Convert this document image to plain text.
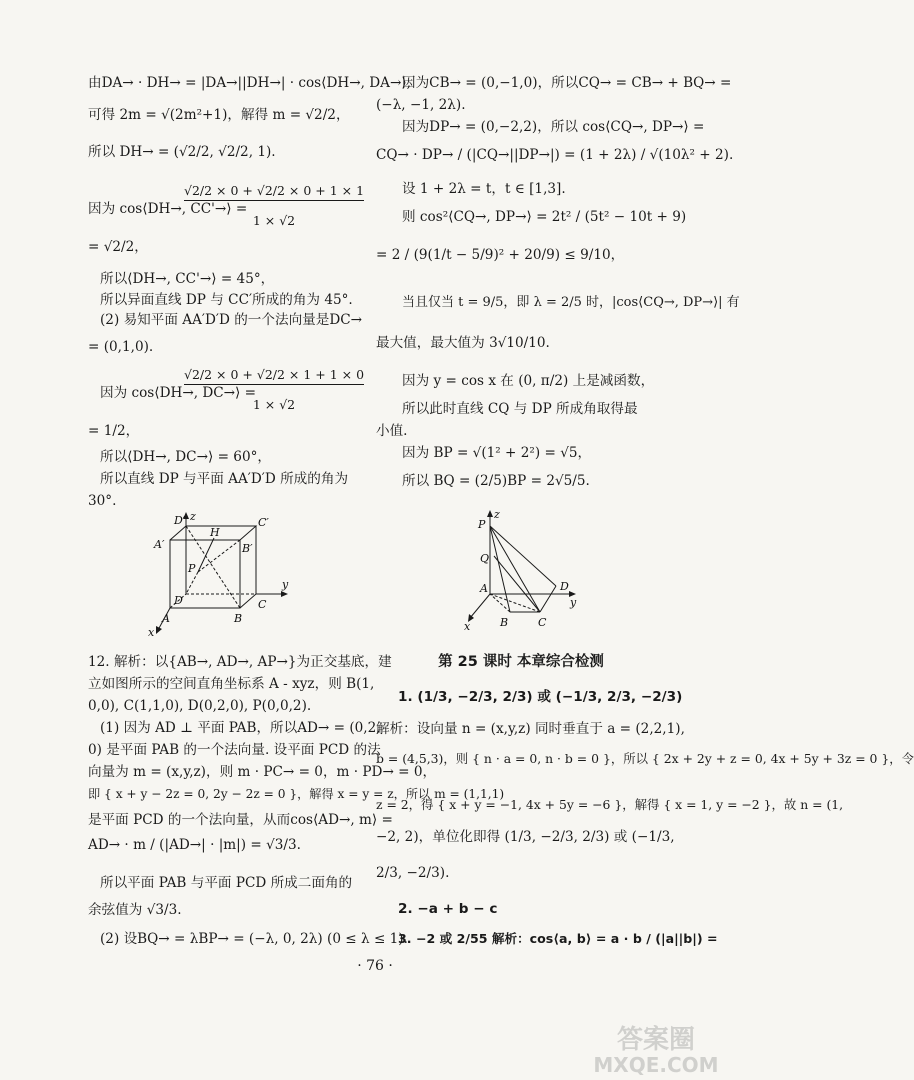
由DA→ · DH→ = |DA→||DH→| · cos⟨DH→, DA→⟩,
可得 2m = √(2m²+1)，解得 m = √2/2，
所以 DH→ = (√2/2, √2/2, 1).
√2/2 × 0 + √2/2 × 0 + 1 × 1
因为 cos⟨DH→, CC'→⟩ =
1 × √2
= √2/2，
所以⟨DH→, CC'→⟩ = 45°，
所以异面直线 DP 与 CC′所成的角为 45°.
(2) 易知平面 AA′D′D 的一个法向量是DC→
= (0,1,0).
√2/2 × 0 + √2/2 × 1 + 1 × 0
因为 cos⟨DH→, DC→⟩ =
1 × √2
= 1/2，
所以⟨DH→, DC→⟩ = 60°，
所以直线 DP 与平面 AA′D′D 所成的角为
30°.
z
y
x
A	B
C
D
A′	B′
C′
D′
H
P
12. 解析：以{AB→, AD→, AP→}为正交基底，建
立如图所示的空间直角坐标系 A - xyz，则 B(1,
0,0), C(1,1,0), D(0,2,0), P(0,0,2).
(1) 因为 AD ⊥ 平面 PAB，所以AD→ = (0,2,
0) 是平面 PAB 的一个法向量. 设平面 PCD 的法
向量为 m = (x,y,z)，则 m · PC→ = 0，m · PD→ = 0，
即 { x + y − 2z = 0, 2y − 2z = 0 }，解得 x = y = z，所以 m = (1,1,1)
是平面 PCD 的一个法向量，从而cos⟨AD→, m⟩ =
AD→ · m / (|AD→| · |m|) = √3/3.
所以平面 PAB 与平面 PCD 所成二面角的
余弦值为 √3/3.
(2) 设BQ→ = λBP→ = (−λ, 0, 2λ) (0 ≤ λ ≤ 1).
因为CB→ = (0,−1,0)，所以CQ→ = CB→ + BQ→ =
(−λ, −1, 2λ).
因为DP→ = (0,−2,2)，所以 cos⟨CQ→, DP→⟩ =
CQ→ · DP→ / (|CQ→||DP→|) = (1 + 2λ) / √(10λ² + 2).
设 1 + 2λ = t，t ∈ [1,3].
则 cos²⟨CQ→, DP→⟩ = 2t² / (5t² − 10t + 9)
= 2 / (9(1/t − 5/9)² + 20/9) ≤ 9/10，
当且仅当 t = 9/5，即 λ = 2/5 时，|cos⟨CQ→, DP→⟩| 有
最大值，最大值为 3√10/10.
因为 y = cos x 在 (0, π/2) 上是减函数，
所以此时直线 CQ 与 DP 所成角取得最
小值.
因为 BP = √(1² + 2²) = √5，
所以 BQ = (2/5)BP = 2√5/5.
z
y
x
P
Q
A
B	C
D
第 25 课时 本章综合检测
1. (1/3, −2/3, 2/3) 或 (−1/3, 2/3, −2/3)
解析：设向量 n = (x,y,z) 同时垂直于 a = (2,2,1),
b = (4,5,3)，则 { n · a = 0, n · b = 0 }，所以 { 2x + 2y + z = 0, 4x + 5y + 3z = 0 }，令
z = 2，得 { x + y = −1, 4x + 5y = −6 }，解得 { x = 1, y = −2 }，故 n = (1,
−2, 2)，单位化即得 (1/3, −2/3, 2/3) 或 (−1/3,
2/3, −2/3).
2. −a + b − c
3. −2 或 2/55 解析：cos⟨a, b⟩ = a · b / (|a||b|) =
· 76 ·
答案圈
MXQE.COM
